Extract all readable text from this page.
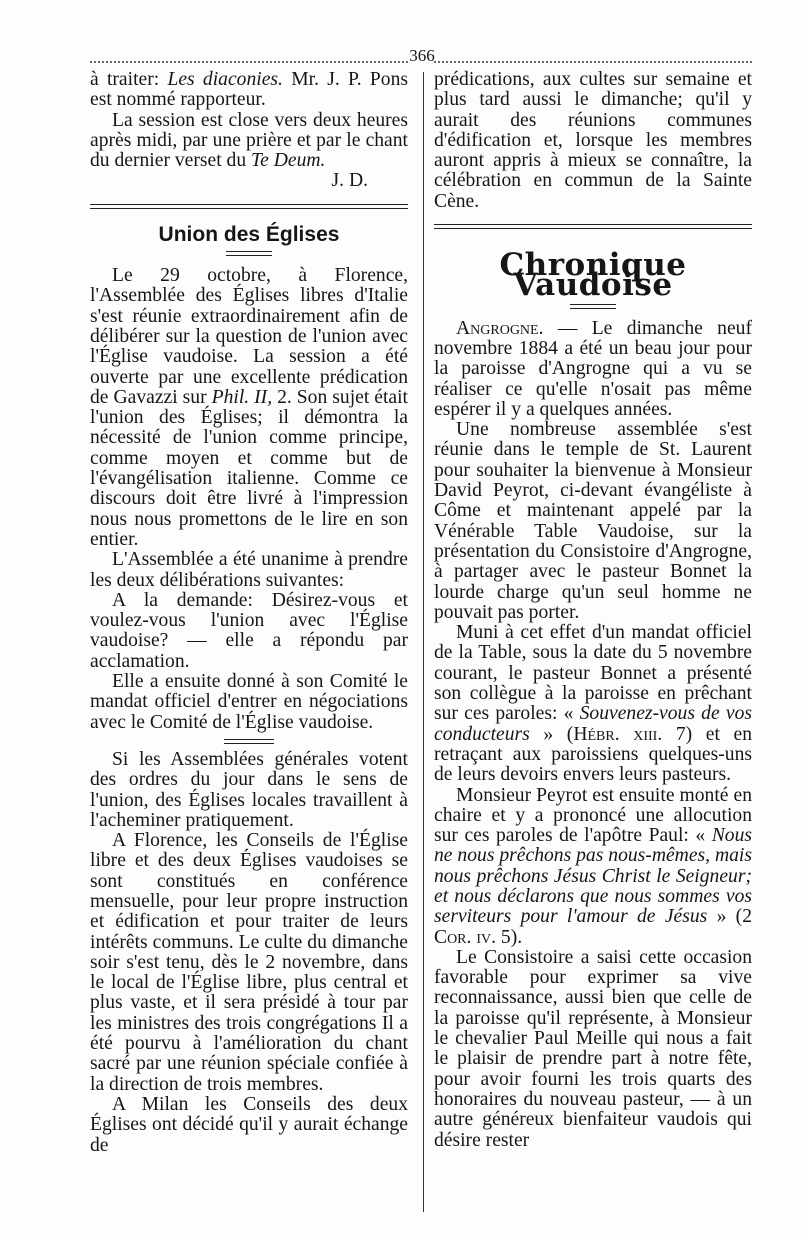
366

à traiter: Les diaconies. Mr. J. P. Pons est nommé rapporteur.

La session est close vers deux heures après midi, par une prière et par le chant du dernier verset du Te Deum.

J. D.

Union des Églises

Le 29 octobre, à Florence, l'Assemblée des Églises libres d'Italie s'est réunie extraordinairement afin de délibérer sur la question de l'union avec l'Église vaudoise. La session a été ouverte par une excellente prédication de Gavazzi sur Phil. II, 2. Son sujet était l'union des Églises; il démontra la nécessité de l'union comme principe, comme moyen et comme but de l'évangélisation italienne. Comme ce discours doit être livré à l'impression nous nous promettons de le lire en son entier.

L'Assemblée a été unanime à prendre les deux délibérations suivantes:

A la demande: Désirez-vous et voulez-vous l'union avec l'Église vaudoise? — elle a répondu par acclamation.

Elle a ensuite donné à son Comité le mandat officiel d'entrer en négociations avec le Comité de l'Église vaudoise.

Si les Assemblées générales votent des ordres du jour dans le sens de l'union, des Églises locales travaillent à l'acheminer pratiquement.

A Florence, les Conseils de l'Église libre et des deux Églises vaudoises se sont constitués en conférence mensuelle, pour leur propre instruction et édification et pour traiter de leurs intérêts communs. Le culte du dimanche soir s'est tenu, dès le 2 novembre, dans le local de l'Église libre, plus central et plus vaste, et il sera présidé à tour par les ministres des trois congrégations Il a été pourvu à l'amélioration du chant sacré par une réunion spéciale confiée à la direction de trois membres.

A Milan les Conseils des deux Églises ont décidé qu'il y aurait échange de

prédications, aux cultes sur semaine et plus tard aussi le dimanche; qu'il y aurait des réunions communes d'édification et, lorsque les membres auront appris à mieux se connaître, la célébration en commun de la Sainte Cène.

Chronique Vaudoise

Angrogne. — Le dimanche neuf novembre 1884 a été un beau jour pour la paroisse d'Angrogne qui a vu se réaliser ce qu'elle n'osait pas même espérer il y a quelques années.

Une nombreuse assemblée s'est réunie dans le temple de St. Laurent pour souhaiter la bienvenue à Monsieur David Peyrot, ci-devant évangéliste à Côme et maintenant appelé par la Vénérable Table Vaudoise, sur la présentation du Consistoire d'Angrogne, à partager avec le pasteur Bonnet la lourde charge qu'un seul homme ne pouvait pas porter.

Muni à cet effet d'un mandat officiel de la Table, sous la date du 5 novembre courant, le pasteur Bonnet a présenté son collègue à la paroisse en prêchant sur ces paroles: « Souvenez-vous de vos conducteurs » (Hébr. xiii. 7) et en retraçant aux paroissiens quelques-uns de leurs devoirs envers leurs pasteurs.

Monsieur Peyrot est ensuite monté en chaire et y a prononcé une allocution sur ces paroles de l'apôtre Paul: « Nous ne nous prêchons pas nous-mêmes, mais nous prêchons Jésus Christ le Seigneur; et nous déclarons que nous sommes vos serviteurs pour l'amour de Jésus » (2 Cor. iv. 5).

Le Consistoire a saisi cette occasion favorable pour exprimer sa vive reconnaissance, aussi bien que celle de la paroisse qu'il représente, à Monsieur le chevalier Paul Meille qui nous a fait le plaisir de prendre part à notre fête, pour avoir fourni les trois quarts des honoraires du nouveau pasteur, — à un autre généreux bienfaiteur vaudois qui désire rester
